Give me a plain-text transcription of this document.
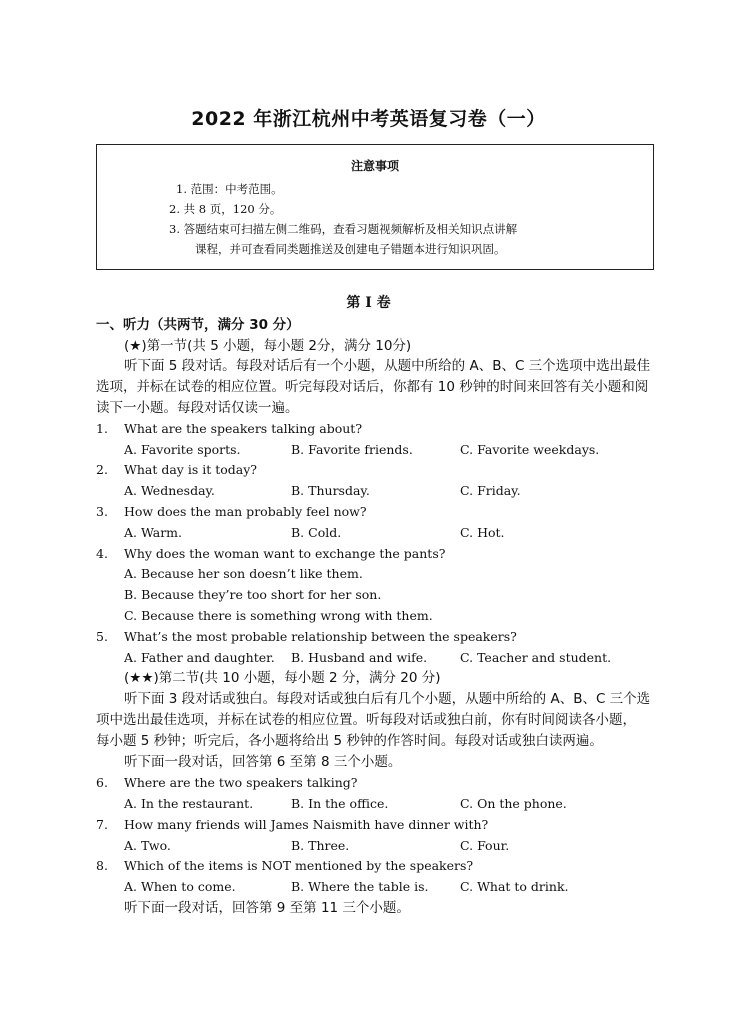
2022 年浙江杭州中考英语复习卷（一）
注意事项
1. 范围：中考范围。
2. 共 8 页，120 分。
3. 答题结束可扫描左侧二维码，查看习题视频解析及相关知识点讲解
课程，并可查看同类题推送及创建电子错题本进行知识巩固。
第 I 卷
一、听力（共两节，满分 30 分）
(★)第一节(共 5 小题，每小题 2分，满分 10分)
听下面 5 段对话。每段对话后有一个小题，从题中所给的 A、B、C 三个选项中选出最佳
选项，并标在试卷的相应位置。听完每段对话后，你都有 10 秒钟的时间来回答有关小题和阅
读下一小题。每段对话仅读一遍。
1. What are the speakers talking about?
A. Favorite sports.	B. Favorite friends.	C. Favorite weekdays.
2. What day is it today?
A. Wednesday.	B. Thursday.	C. Friday.
3. How does the man probably feel now?
A. Warm.	B. Cold.	C. Hot.
4. Why does the woman want to exchange the pants?
A. Because her son doesn’t like them.
B. Because they’re too short for her son.
C. Because there is something wrong with them.
5. What’s the most probable relationship between the speakers?
A. Father and daughter. B. Husband and wife.	C. Teacher and student.
(★★)第二节(共 10 小题，每小题 2 分，满分 20 分)
听下面 3 段对话或独白。每段对话或独白后有几个小题，从题中所给的 A、B、C 三个选
项中选出最佳选项，并标在试卷的相应位置。听每段对话或独白前，你有时间阅读各小题，
每小题 5 秒钟；听完后，各小题将给出 5 秒钟的作答时间。每段对话或独白读两遍。
听下面一段对话，回答第 6 至第 8 三个小题。
6. Where are the two speakers talking?
A. In the restaurant.	B. In the office.	C. On the phone.
7. How many friends will James Naismith have dinner with?
A. Two.	B. Three.	C. Four.
8. Which of the items is NOT mentioned by the speakers?
A. When to come.	B. Where the table is.	C. What to drink.
听下面一段对话，回答第 9 至第 11 三个小题。
